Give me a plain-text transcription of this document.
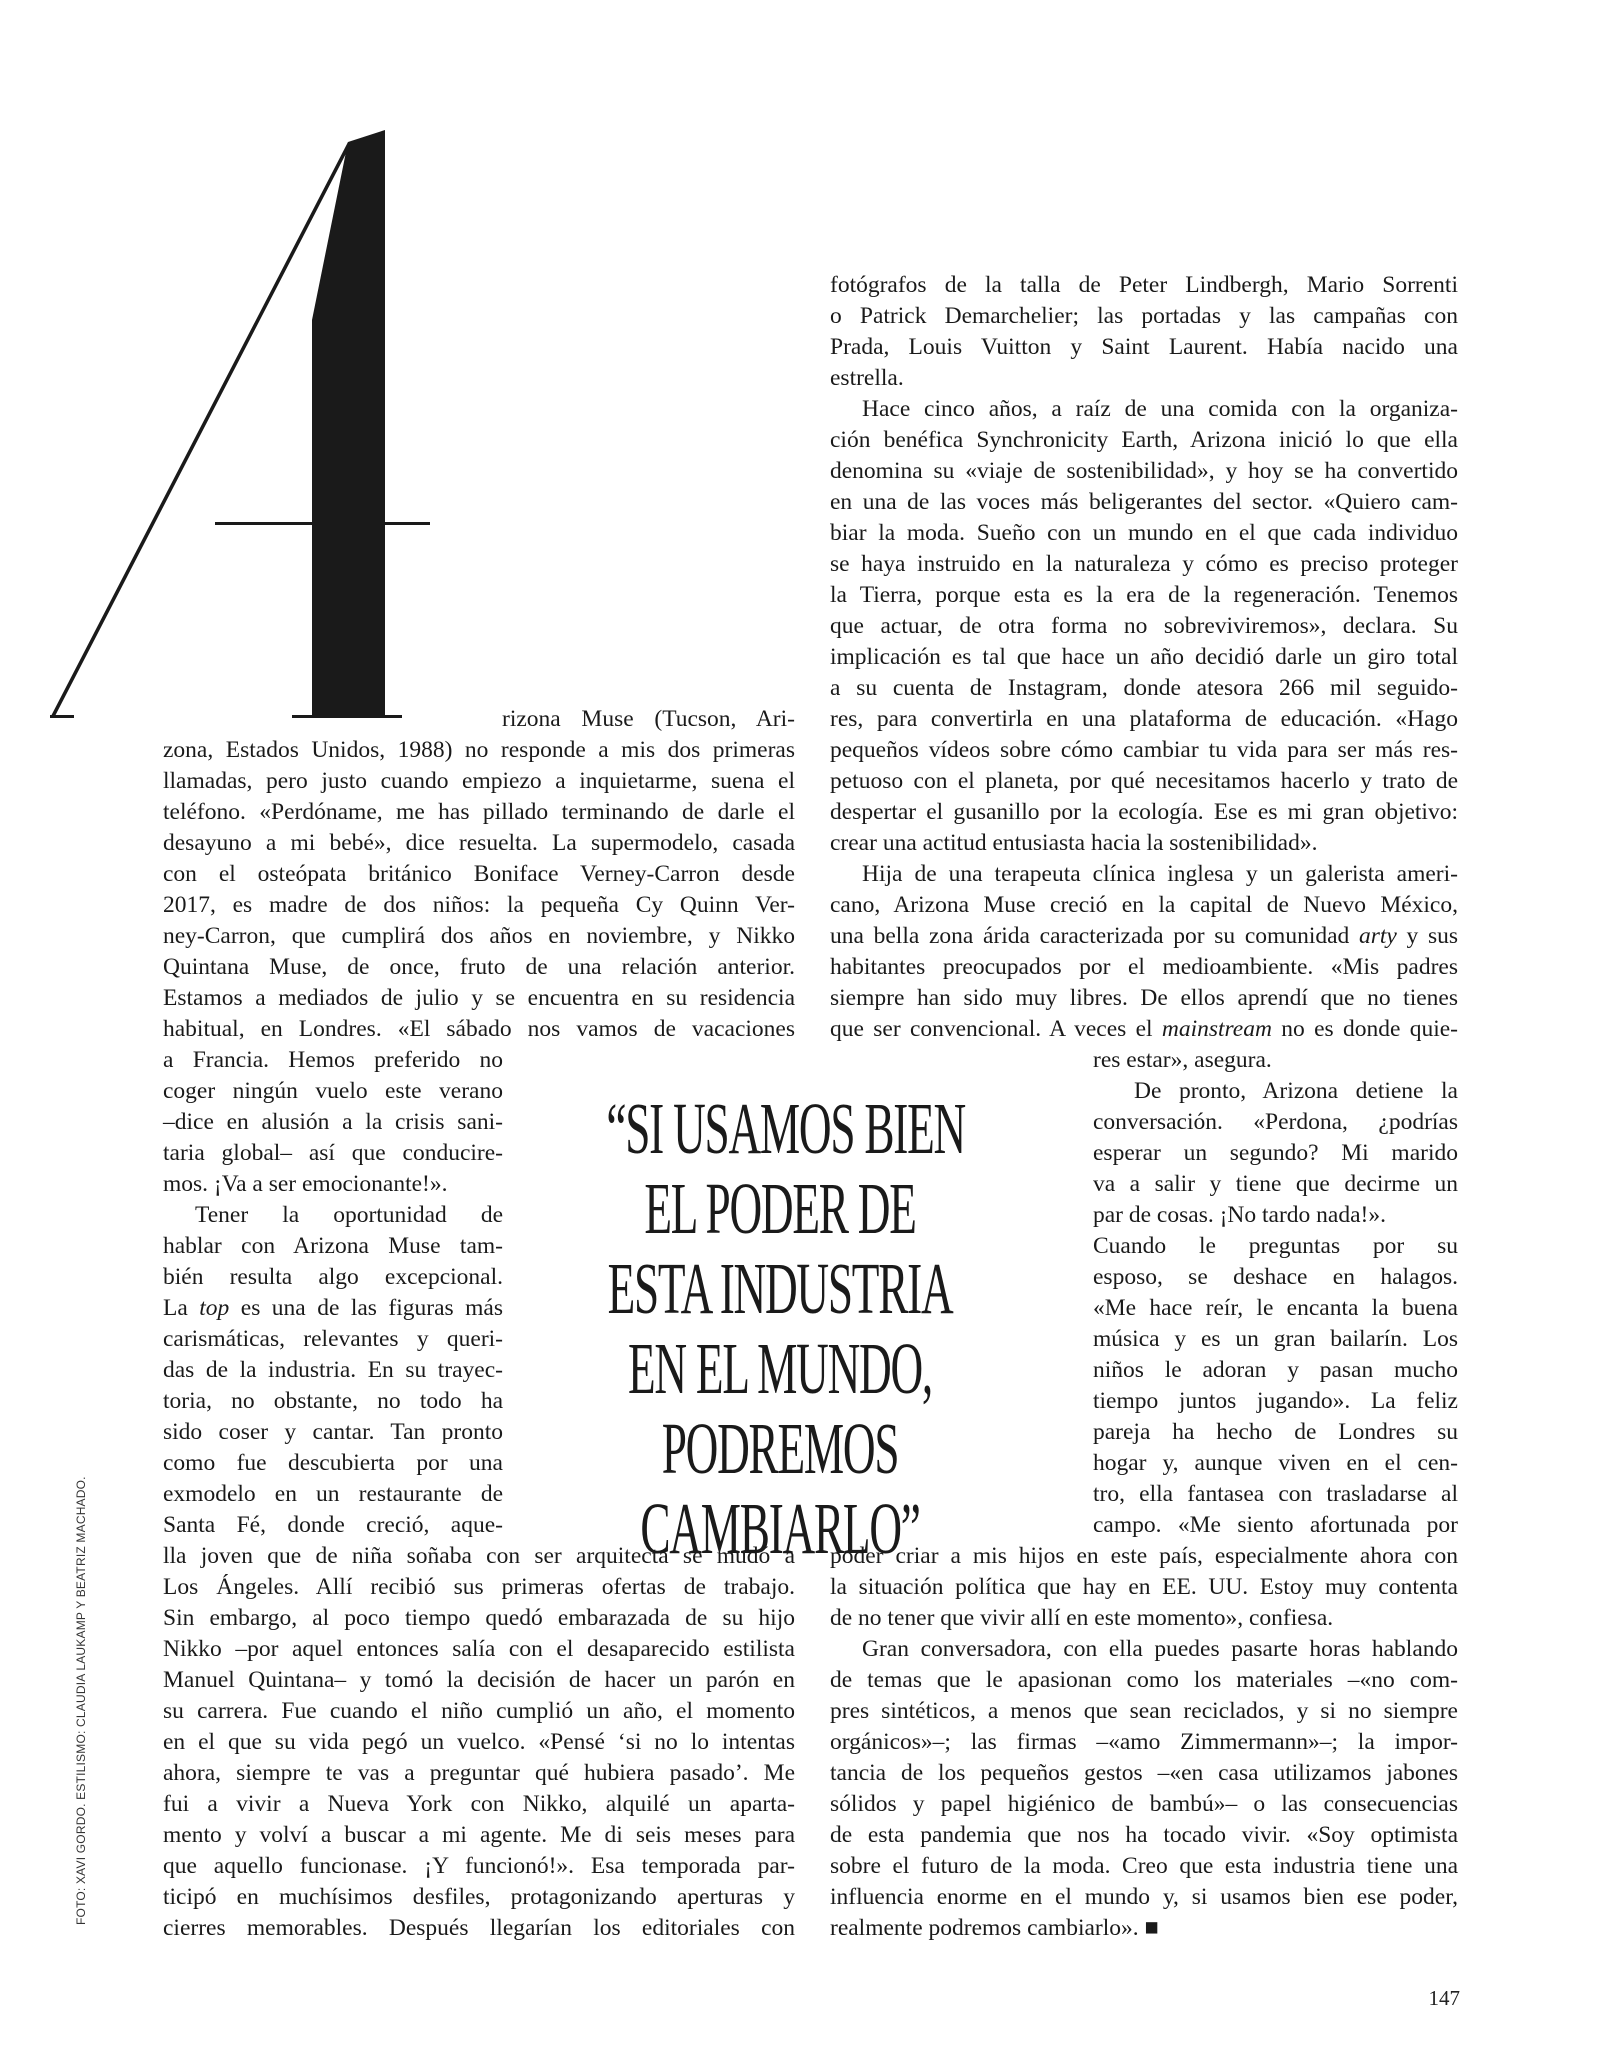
rizona Muse (Tucson, Ari-

zona, Estados Unidos, 1988) no responde a mis dos primeras

llamadas, pero justo cuando empiezo a inquietarme, suena el

teléfono. «Perdóname, me has pillado terminando de darle el

desayuno a mi bebé», dice resuelta. La supermodelo, casada

con el osteópata británico Boniface Verney-Carron desde

2017, es madre de dos niños: la pequeña Cy Quinn Ver-

ney-Carron, que cumplirá dos años en noviembre, y Nikko

Quintana Muse, de once, fruto de una relación anterior.

Estamos a mediados de julio y se encuentra en su residencia

habitual, en Londres. «El sábado nos vamos de vacaciones

a Francia. Hemos preferido no

coger ningún vuelo este verano

–dice en alusión a la crisis sani-

taria global– así que conducire-

mos. ¡Va a ser emocionante!».

Tener la oportunidad de

hablar con Arizona Muse tam-

bién resulta algo excepcional.

La top es una de las figuras más

carismáticas, relevantes y queri-

das de la industria. En su trayec-

toria, no obstante, no todo ha

sido coser y cantar. Tan pronto

como fue descubierta por una

exmodelo en un restaurante de

Santa Fé, donde creció, aque-

lla joven que de niña soñaba con ser arquitecta se mudó a

Los Ángeles. Allí recibió sus primeras ofertas de trabajo.

Sin embargo, al poco tiempo quedó embarazada de su hijo

Nikko –por aquel entonces salía con el desaparecido estilista

Manuel Quintana– y tomó la decisión de hacer un parón en

su carrera. Fue cuando el niño cumplió un año, el momento

en el que su vida pegó un vuelco. «Pensé ‘si no lo intentas

ahora, siempre te vas a preguntar qué hubiera pasado’. Me

fui a vivir a Nueva York con Nikko, alquilé un aparta-

mento y volví a buscar a mi agente. Me di seis meses para

que aquello funcionase. ¡Y funcionó!». Esa temporada par-

ticipó en muchísimos desfiles, protagonizando aperturas y

cierres memorables. Después llegarían los editoriales con

fotógrafos de la talla de Peter Lindbergh, Mario Sorrenti

o Patrick Demarchelier; las portadas y las campañas con

Prada, Louis Vuitton y Saint Laurent. Había nacido una

estrella.

Hace cinco años, a raíz de una comida con la organiza-

ción benéfica Synchronicity Earth, Arizona inició lo que ella

denomina su «viaje de sostenibilidad», y hoy se ha convertido

en una de las voces más beligerantes del sector. «Quiero cam-

biar la moda. Sueño con un mundo en el que cada individuo

se haya instruido en la naturaleza y cómo es preciso proteger

la Tierra, porque esta es la era de la regeneración. Tenemos

que actuar, de otra forma no sobreviviremos», declara. Su

implicación es tal que hace un año decidió darle un giro total

a su cuenta de Instagram, donde atesora 266 mil seguido-

res, para convertirla en una plataforma de educación. «Hago

pequeños vídeos sobre cómo cambiar tu vida para ser más res-

petuoso con el planeta, por qué necesitamos hacerlo y trato de

despertar el gusanillo por la ecología. Ese es mi gran objetivo:

crear una actitud entusiasta hacia la sostenibilidad».

Hija de una terapeuta clínica inglesa y un galerista ameri-

cano, Arizona Muse creció en la capital de Nuevo México,

una bella zona árida caracterizada por su comunidad arty y sus

habitantes preocupados por el medioambiente. «Mis padres

siempre han sido muy libres. De ellos aprendí que no tienes

que ser convencional. A veces el mainstream no es donde quie-

res estar», asegura.

De pronto, Arizona detiene la

conversación. «Perdona, ¿podrías

esperar un segundo? Mi marido

va a salir y tiene que decirme un

par de cosas. ¡No tardo nada!».

Cuando le preguntas por su

esposo, se deshace en halagos.

«Me hace reír, le encanta la buena

música y es un gran bailarín. Los

niños le adoran y pasan mucho

tiempo juntos jugando». La feliz

pareja ha hecho de Londres su

hogar y, aunque viven en el cen-

tro, ella fantasea con trasladarse al

campo. «Me siento afortunada por

poder criar a mis hijos en este país, especialmente ahora con

la situación política que hay en EE. UU. Estoy muy contenta

de no tener que vivir allí en este momento», confiesa.

Gran conversadora, con ella puedes pasarte horas hablando

de temas que le apasionan como los materiales –«no com-

pres sintéticos, a menos que sean reciclados, y si no siempre

orgánicos»–; las firmas –«amo Zimmermann»–; la impor-

tancia de los pequeños gestos –«en casa utilizamos jabones

sólidos y papel higiénico de bambú»– o las consecuencias

de esta pandemia que nos ha tocado vivir. «Soy optimista

sobre el futuro de la moda. Creo que esta industria tiene una

influencia enorme en el mundo y, si usamos bien ese poder,

realmente podremos cambiarlo». ■

“SI USAMOS BIEN
EL PODER DE
ESTA INDUSTRIA
EN EL MUNDO,
PODREMOS
CAMBIARLO”
FOTO: XAVI GORDO. ESTILISMO: CLAUDIA LAUKAMP Y BEATRIZ MACHADO.
147
